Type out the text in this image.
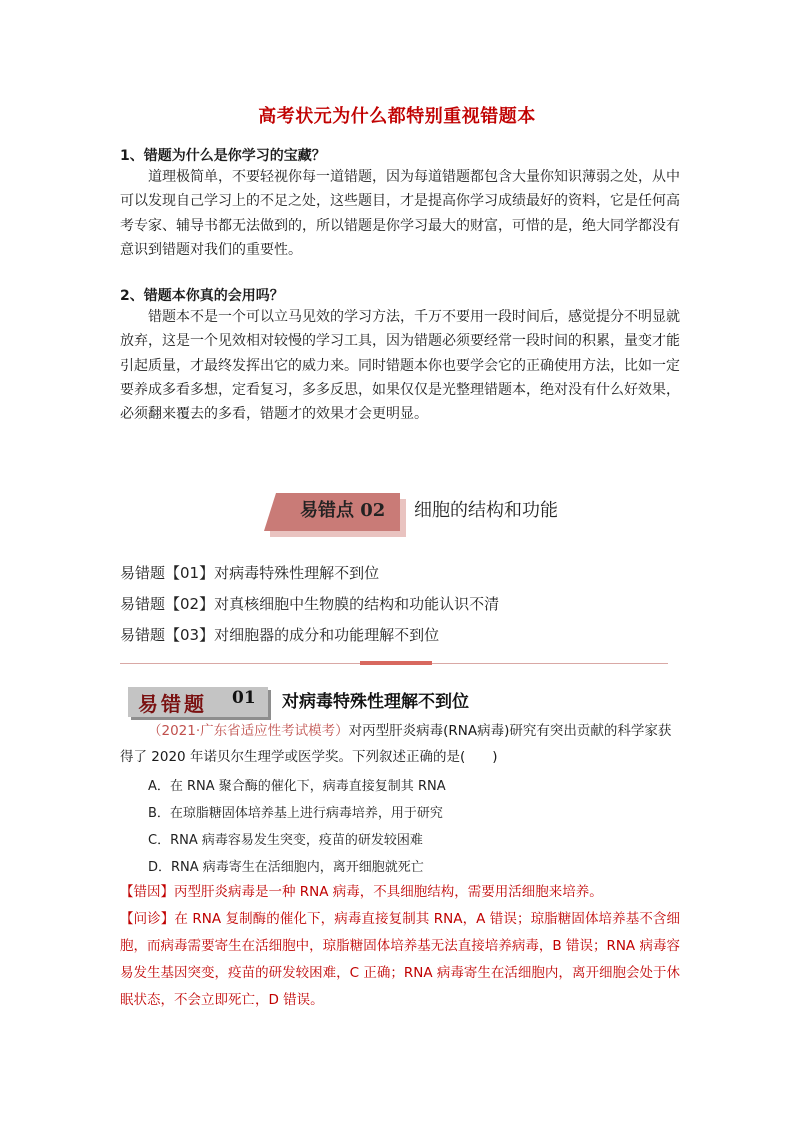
高考状元为什么都特别重视错题本
1、错题为什么是你学习的宝藏？

道理极简单，不要轻视你每一道错题，因为每道错题都包含大量你知识薄弱之处，从中可以发现自己学习上的不足之处，这些题目，才是提高你学习成绩最好的资料，它是任何高考专家、辅导书都无法做到的，所以错题是你学习最大的财富，可惜的是，绝大同学都没有意识到错题对我们的重要性。

2、错题本你真的会用吗？

错题本不是一个可以立马见效的学习方法，千万不要用一段时间后，感觉提分不明显就放弃，这是一个见效相对较慢的学习工具，因为错题必须要经常一段时间的积累，量变才能引起质量，才最终发挥出它的威力来。同时错题本你也要学会它的正确使用方法，比如一定要养成多看多想，定看复习，多多反思，如果仅仅是光整理错题本，绝对没有什么好效果，必须翻来覆去的多看，错题才的效果才会更明显。

易错点 02 细胞的结构和功能
易错题【01】对病毒特殊性理解不到位
易错题【02】对真核细胞中生物膜的结构和功能认识不清
易错题【03】对细胞器的成分和功能理解不到位
易错题 01 对病毒特殊性理解不到位

（2021·广东省适应性考试模考）对丙型肝炎病毒(RNA病毒)研究有突出贡献的科学家获得了 2020 年诺贝尔生理学或医学奖。下列叙述正确的是(　　)

A．在 RNA 聚合酶的催化下，病毒直接复制其 RNA
B．在琼脂糖固体培养基上进行病毒培养，用于研究
C．RNA 病毒容易发生突变，疫苗的研发较困难
D．RNA 病毒寄生在活细胞内，离开细胞就死亡

【错因】丙型肝炎病毒是一种 RNA 病毒，不具细胞结构，需要用活细胞来培养。

【问诊】在 RNA 复制酶的催化下，病毒直接复制其 RNA，A 错误；琼脂糖固体培养基不含细胞，而病毒需要寄生在活细胞中，琼脂糖固体培养基无法直接培养病毒，B 错误；RNA 病毒容易发生基因突变，疫苗的研发较困难，C 正确；RNA 病毒寄生在活细胞内，离开细胞会处于休眠状态，不会立即死亡，D 错误。
